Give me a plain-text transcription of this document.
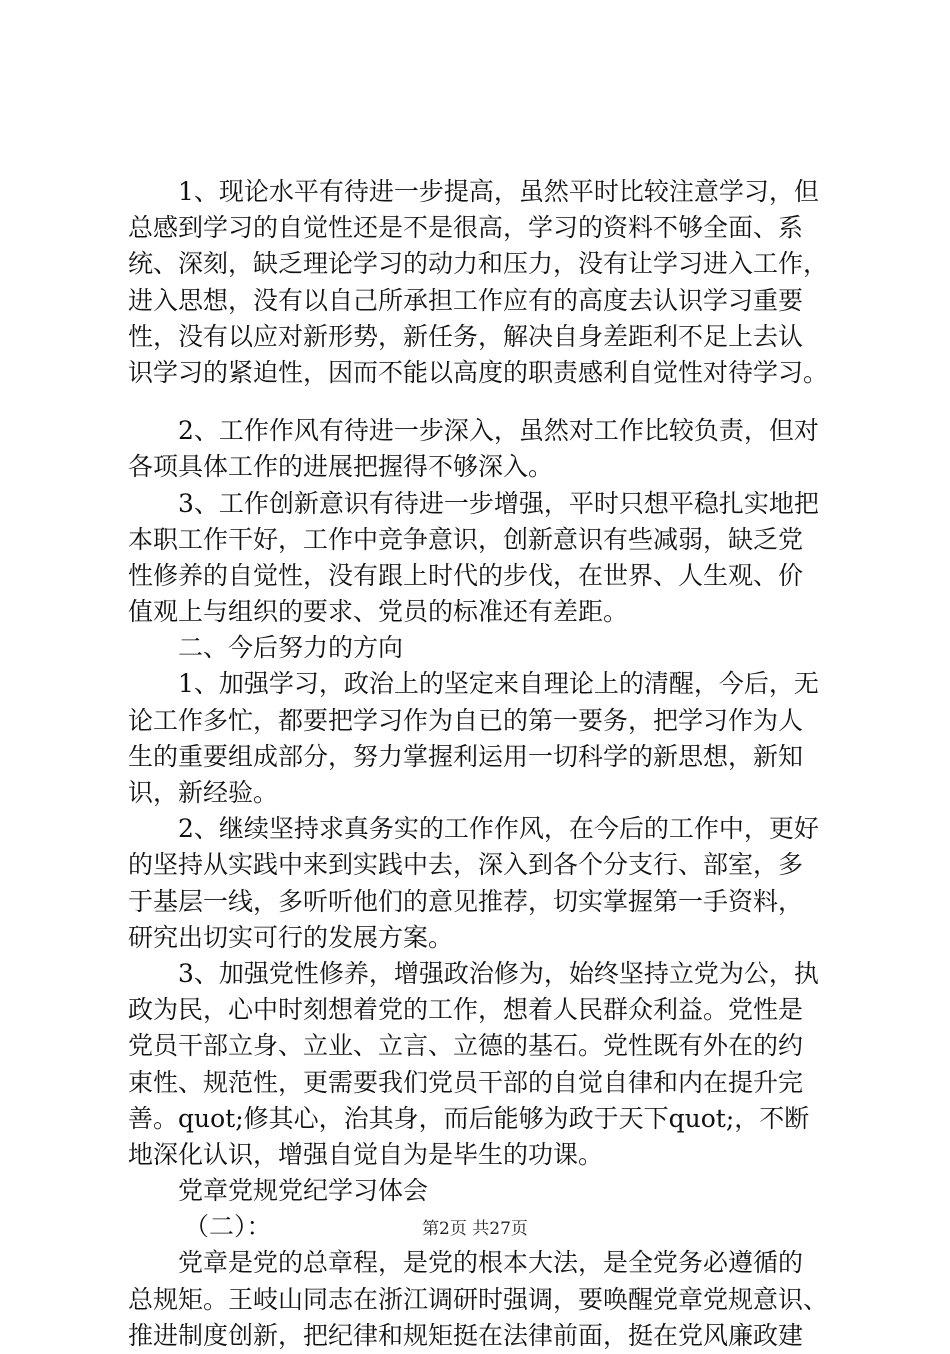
1、现论水平有待进一步提高，虽然平时比较注意学习，但
总感到学习的自觉性还是不是很高，学习的资料不够全面、系
统、深刻，缺乏理论学习的动力和压力，没有让学习进入工作，
进入思想，没有以自己所承担工作应有的高度去认识学习重要
性，没有以应对新形势，新任务，解决自身差距利不足上去认
识学习的紧迫性，因而不能以高度的职责感利自觉性对待学习。
2、工作作风有待进一步深入，虽然对工作比较负责，但对
各项具体工作的进展把握得不够深入。
3、工作创新意识有待进一步增强，平时只想平稳扎实地把
本职工作干好，工作中竞争意识，创新意识有些减弱，缺乏党
性修养的自觉性，没有跟上时代的步伐，在世界、人生观、价
值观上与组织的要求、党员的标准还有差距。
二、今后努力的方向
1、加强学习，政治上的坚定来自理论上的清醒，今后，无
论工作多忙，都要把学习作为自已的第一要务，把学习作为人
生的重要组成部分，努力掌握利运用一切科学的新思想，新知
识，新经验。
2、继续坚持求真务实的工作作风，在今后的工作中，更好
的坚持从实践中来到实践中去，深入到各个分支行、部室，多
于基层一线，多听听他们的意见推荐，切实掌握第一手资料，
研究出切实可行的发展方案。
3、加强党性修养，增强政治修为，始终坚持立党为公，执
政为民，心中时刻想着党的工作，想着人民群众利益。党性是
党员干部立身、立业、立言、立德的基石。党性既有外在的约
束性、规范性，更需要我们党员干部的自觉自律和内在提升完
善。quot;修其心，治其身，而后能够为政于天下quot;，不断
地深化认识，增强自觉自为是毕生的功课。
党章党规党纪学习体会
（二）：
党章是党的总章程，是党的根本大法，是全党务必遵循的
总规矩。王岐山同志在浙江调研时强调，要唤醒党章党规意识、
推进制度创新，把纪律和规矩挺在法律前面，挺在党风廉政建
第2页 共27页
